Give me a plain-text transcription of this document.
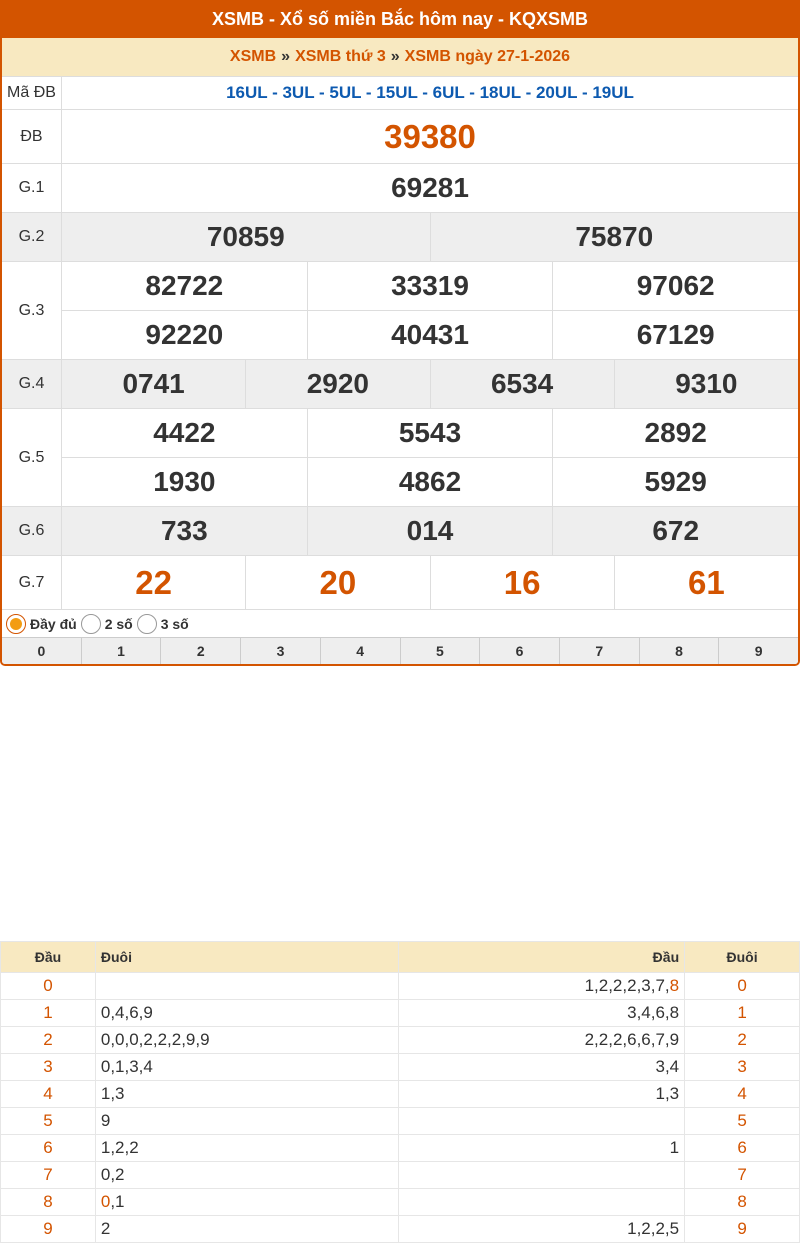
XSMB - Xổ số miền Bắc hôm nay - KQXSMB
XSMB » XSMB thứ 3 » XSMB ngày 27-1-2026
Mã ĐB	16UL - 3UL - 5UL - 15UL - 6UL - 18UL - 20UL - 19UL
ĐB	39380
G.1	69281
G.2	70859	75870
G.3
82722	33319	97062
92220	40431	67129
G.4	0741	2920	6534	9310
G.5
4422	5543	2892
1930	4862	5929
G.6	733	014	672
G.7	22	20	16	61
Đầy đủ 2 số 3 số
0	1	2	3	4	5	6	7	8	9
Đầu	Đuôi	Đầu	Đuôi
0		1,2,2,2,3,7,8	0
1	0,4,6,9	3,4,6,8	1
2	0,0,0,2,2,2,9,9	2,2,2,6,6,7,9	2
3	0,1,3,4	3,4	3
4	1,3	1,3	4
5	9		5
6	1,2,2	1	6
7	0,2		7
8	0,1		8
9	2	1,2,2,5	9
